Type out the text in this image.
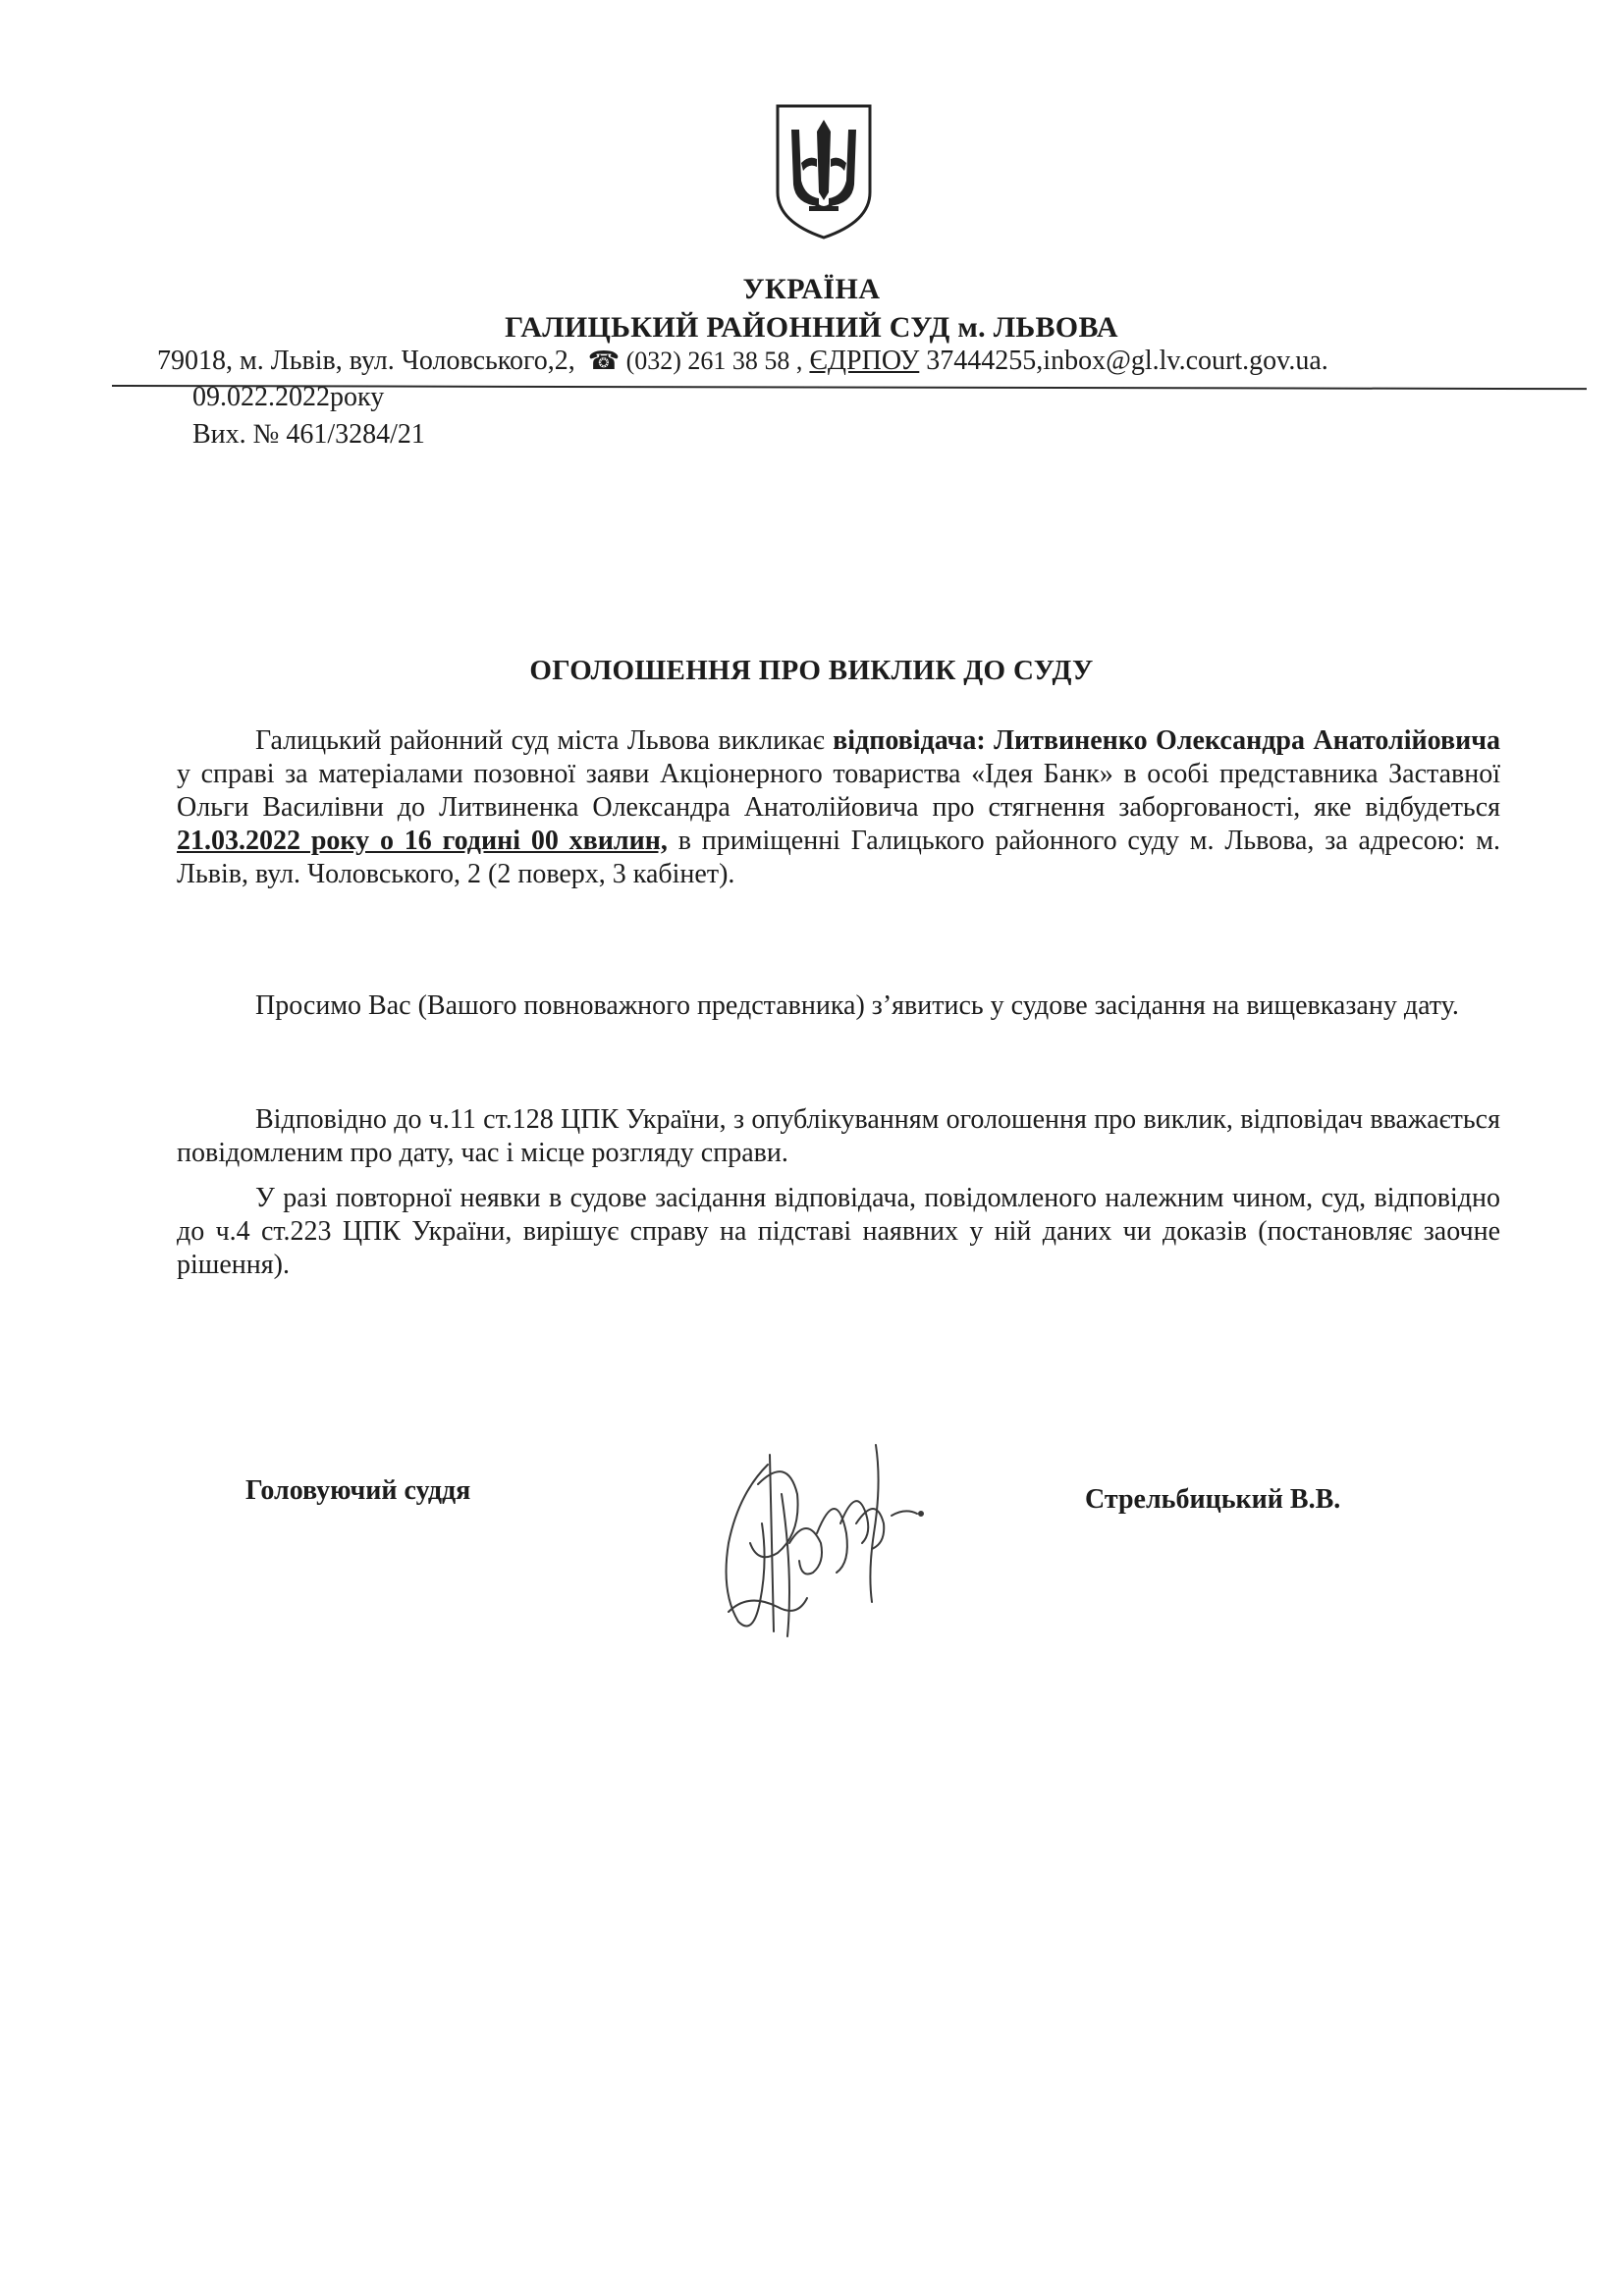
УКРАЇНА
ГАЛИЦЬКИЙ РАЙОННИЙ СУД м. ЛЬВОВА
79018, м. Львів, вул. Чоловського,2, ☎ (032) 261 38 58 , ЄДРПОУ 37444255,inbox@gl.lv.court.gov.ua.
09.022.2022року
Вих. № 461/3284/21
ОГОЛОШЕННЯ ПРО ВИКЛИК ДО СУДУ
Галицький районний суд міста Львова викликає відповідача: Литвиненко Олександра Анатолійовича у справі за матеріалами позовної заяви Акціонерного товариства «Ідея Банк» в особі представника Заставної Ольги Василівни до Литвиненка Олександра Анатолійовича про стягнення заборгованості, яке відбудеться 21.03.2022 року о 16 годині 00 хвилин, в приміщенні Галицького районного суду м. Львова, за адресою: м. Львів, вул. Чоловського, 2 (2 поверх, 3 кабінет).
Просимо Вас (Вашого повноважного представника) з’явитись у судове засідання на вищевказану дату.
Відповідно до ч.11 ст.128 ЦПК України, з опублікуванням оголошення про виклик, відповідач вважається повідомленим про дату, час і місце розгляду справи.
У разі повторної неявки в судове засідання відповідача, повідомленого належним чином, суд, відповідно до ч.4 ст.223 ЦПК України, вирішує справу на підставі наявних у ній даних чи доказів (постановляє заочне рішення).
Головуючий суддя	Стрельбицький В.В.
